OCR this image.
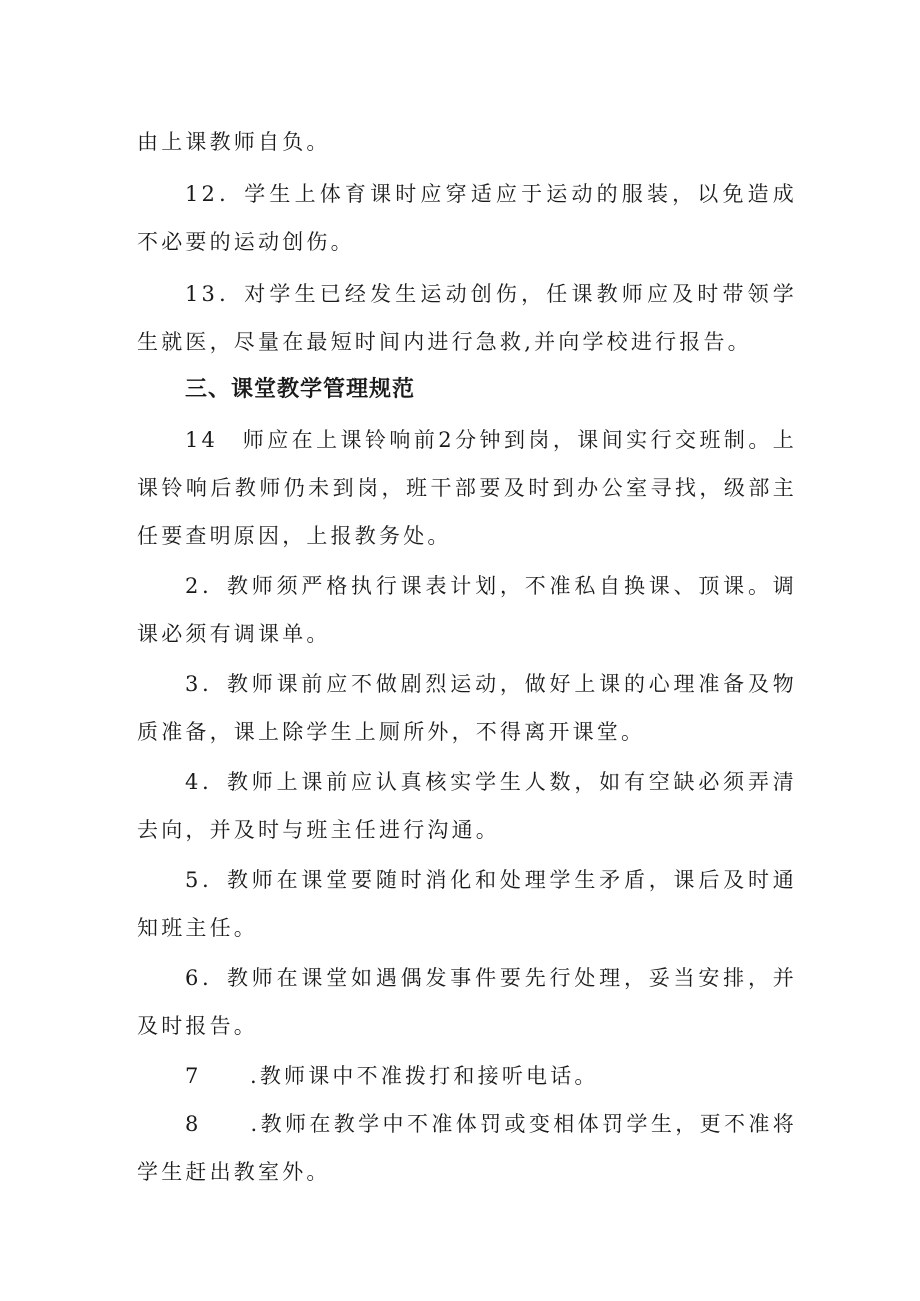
由上课教师自负。

12．学生上体育课时应穿适应于运动的服装，以免造成不必要的运动创伤。

13．对学生已经发生运动创伤，任课教师应及时带领学生就医，尽量在最短时间内进行急救,并向学校进行报告。

三、课堂教学管理规范

14　师应在上课铃响前2分钟到岗，课间实行交班制。上课铃响后教师仍未到岗，班干部要及时到办公室寻找，级部主任要查明原因，上报教务处。

2．教师须严格执行课表计划，不准私自换课、顶课。调课必须有调课单。

3．教师课前应不做剧烈运动，做好上课的心理准备及物质准备，课上除学生上厕所外，不得离开课堂。

4．教师上课前应认真核实学生人数，如有空缺必须弄清去向，并及时与班主任进行沟通。

5．教师在课堂要随时消化和处理学生矛盾，课后及时通知班主任。

6．教师在课堂如遇偶发事件要先行处理，妥当安排，并及时报告。

7　　.教师课中不准拨打和接听电话。

8　　.教师在教学中不准体罚或变相体罚学生，更不准将学生赶出教室外。
